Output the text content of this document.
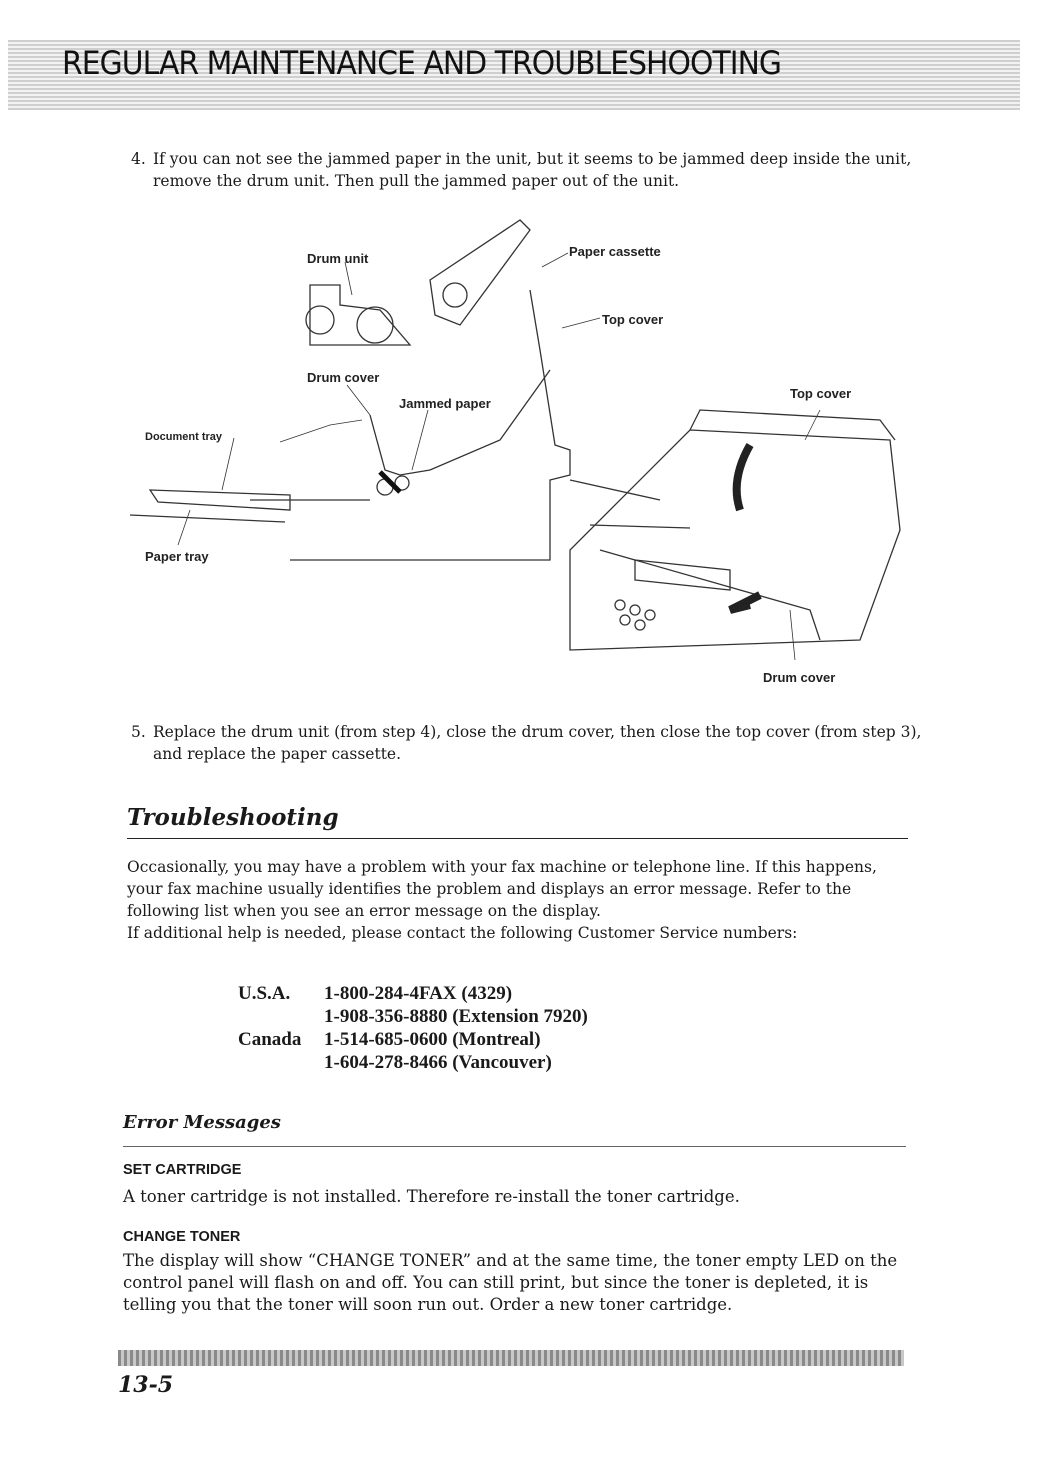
REGULAR MAINTENANCE AND TROUBLESHOOTING
4. If you can not see the jammed paper in the unit, but it seems to be jammed deep inside the unit, remove the drum unit. Then pull the jammed paper out of the unit.
Drum unit	Paper cassette
Top cover
Drum cover
Jammed paper
Document tray
Paper tray
Top cover
Drum cover
5. Replace the drum unit (from step 4), close the drum cover, then close the top cover (from step 3), and replace the paper cassette.
Troubleshooting
Occasionally, you may have a problem with your fax machine or telephone line. If this happens, your fax machine usually identifies the problem and displays an error message. Refer to the following list when you see an error message on the display.
If additional help is needed, please contact the following Customer Service numbers:
U.S.A.	1-800-284-4FAX (4329)
1-908-356-8880 (Extension 7920)
Canada	1-514-685-0600 (Montreal)
1-604-278-8466 (Vancouver)
Error Messages
SET CARTRIDGE
A toner cartridge is not installed. Therefore re-install the toner cartridge.
CHANGE TONER
The display will show “CHANGE TONER” and at the same time, the toner empty LED on the control panel will flash on and off. You can still print, but since the toner is depleted, it is telling you that the toner will soon run out. Order a new toner cartridge.
13-5
